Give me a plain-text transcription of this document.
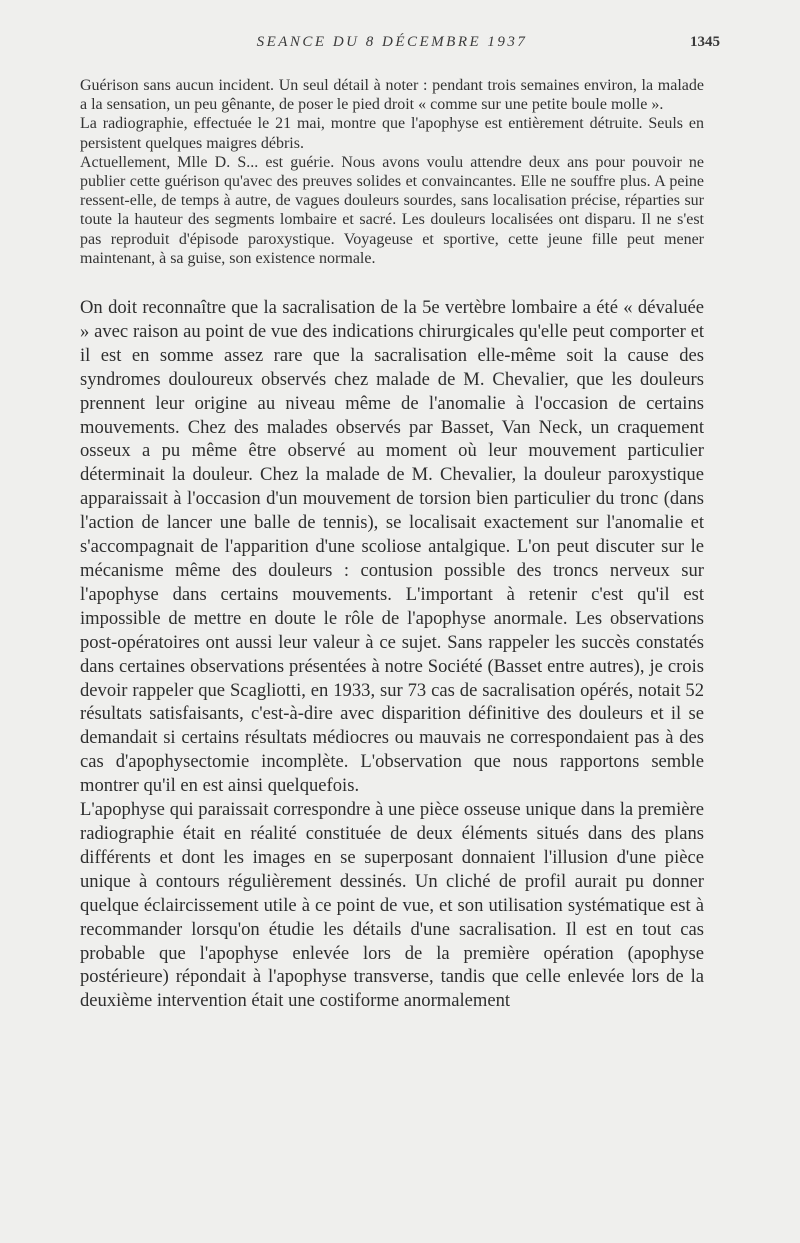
SEANCE DU 8 DÉCEMBRE 1937	1345

Guérison sans aucun incident. Un seul détail à noter : pendant trois semaines environ, la malade a la sensation, un peu gênante, de poser le pied droit « comme sur une petite boule molle ».

La radiographie, effectuée le 21 mai, montre que l'apophyse est entièrement détruite. Seuls en persistent quelques maigres débris.

Actuellement, Mlle D. S... est guérie. Nous avons voulu attendre deux ans pour pouvoir ne publier cette guérison qu'avec des preuves solides et convaincantes. Elle ne souffre plus. A peine ressent-elle, de temps à autre, de vagues douleurs sourdes, sans localisation précise, réparties sur toute la hauteur des segments lombaire et sacré. Les douleurs localisées ont disparu. Il ne s'est pas reproduit d'épisode paroxystique. Voyageuse et sportive, cette jeune fille peut mener maintenant, à sa guise, son existence normale.

On doit reconnaître que la sacralisation de la 5e vertèbre lombaire a été « dévaluée » avec raison au point de vue des indications chirurgicales qu'elle peut comporter et il est en somme assez rare que la sacralisation elle-même soit la cause des syndromes douloureux observés chez malade de M. Chevalier, que les douleurs prennent leur origine au niveau même de l'anomalie à l'occasion de certains mouvements. Chez des malades observés par Basset, Van Neck, un craquement osseux a pu même être observé au moment où leur mouvement particulier déterminait la douleur. Chez la malade de M. Chevalier, la douleur paroxystique apparaissait à l'occasion d'un mouvement de torsion bien particulier du tronc (dans l'action de lancer une balle de tennis), se localisait exactement sur l'anomalie et s'accompagnait de l'apparition d'une scoliose antalgique. L'on peut discuter sur le mécanisme même des douleurs : contusion possible des troncs nerveux sur l'apophyse dans certains mouvements. L'important à retenir c'est qu'il est impossible de mettre en doute le rôle de l'apophyse anormale. Les observations post-opératoires ont aussi leur valeur à ce sujet. Sans rappeler les succès constatés dans certaines observations présentées à notre Société (Basset entre autres), je crois devoir rappeler que Scagliotti, en 1933, sur 73 cas de sacralisation opérés, notait 52 résultats satisfaisants, c'est-à-dire avec disparition définitive des douleurs et il se demandait si certains résultats médiocres ou mauvais ne correspondaient pas à des cas d'apophysectomie incomplète. L'observation que nous rapportons semble montrer qu'il en est ainsi quelquefois.

L'apophyse qui paraissait correspondre à une pièce osseuse unique dans la première radiographie était en réalité constituée de deux éléments situés dans des plans différents et dont les images en se superposant donnaient l'illusion d'une pièce unique à contours régulièrement dessinés. Un cliché de profil aurait pu donner quelque éclaircissement utile à ce point de vue, et son utilisation systématique est à recommander lorsqu'on étudie les détails d'une sacralisation. Il est en tout cas probable que l'apophyse enlevée lors de la première opération (apophyse postérieure) répondait à l'apophyse transverse, tandis que celle enlevée lors de la deuxième intervention était une costiforme anormalement
